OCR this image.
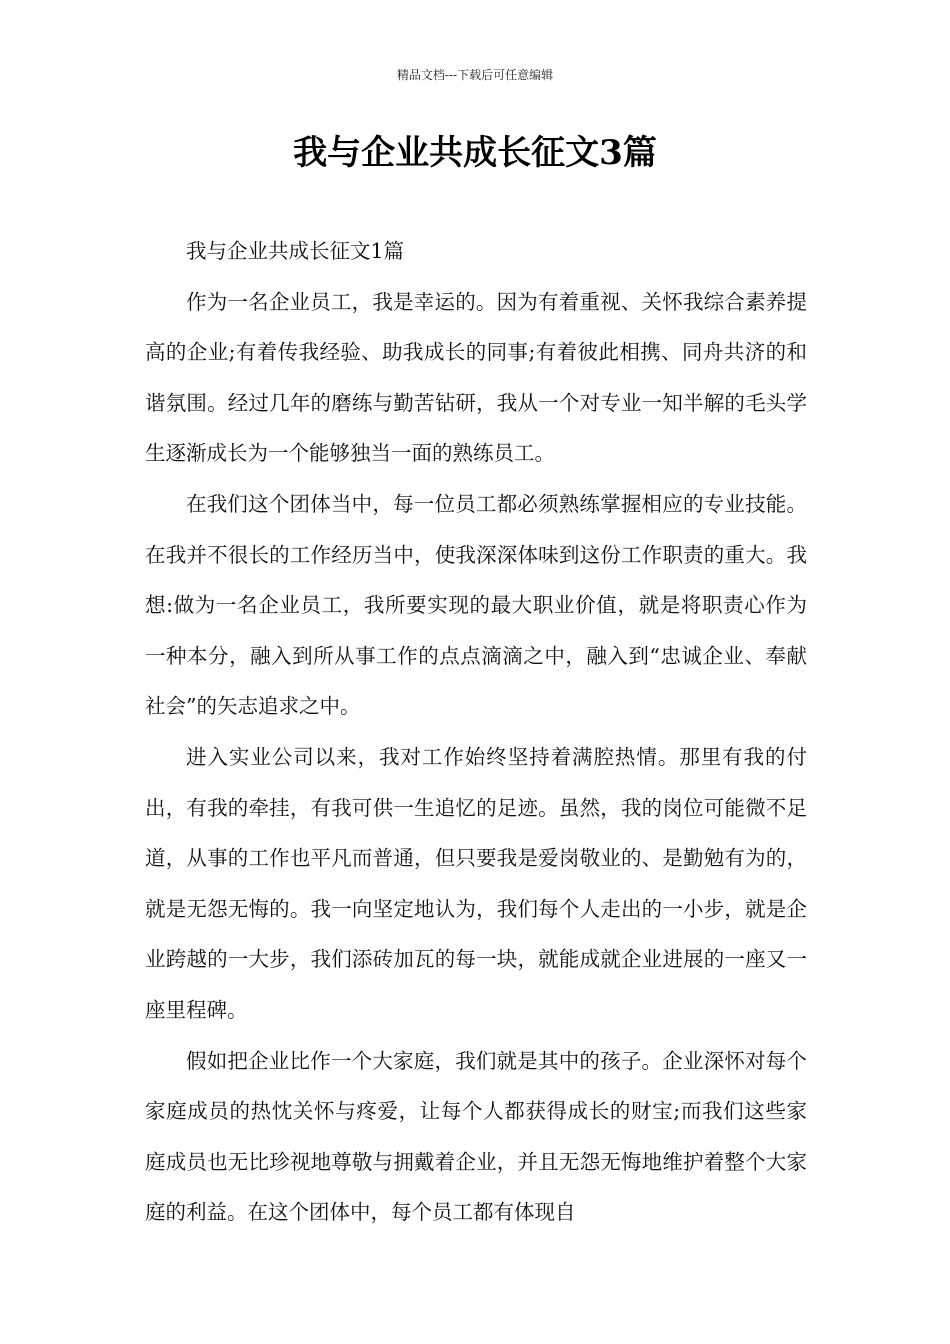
精品文档---下载后可任意编辑
我与企业共成长征文3篇

我与企业共成长征文1篇

作为一名企业员工，我是幸运的。因为有着重视、关怀我综合素养提高的企业;有着传我经验、助我成长的同事;有着彼此相携、同舟共济的和谐氛围。经过几年的磨练与勤苦钻研，我从一个对专业一知半解的毛头学生逐渐成长为一个能够独当一面的熟练员工。

在我们这个团体当中，每一位员工都必须熟练掌握相应的专业技能。在我并不很长的工作经历当中，使我深深体味到这份工作职责的重大。我想:做为一名企业员工，我所要实现的最大职业价值，就是将职责心作为一种本分，融入到所从事工作的点点滴滴之中，融入到“忠诚企业、奉献社会”的矢志追求之中。

进入实业公司以来，我对工作始终坚持着满腔热情。那里有我的付出，有我的牵挂，有我可供一生追忆的足迹。虽然，我的岗位可能微不足道，从事的工作也平凡而普通，但只要我是爱岗敬业的、是勤勉有为的，就是无怨无悔的。我一向坚定地认为，我们每个人走出的一小步，就是企业跨越的一大步，我们添砖加瓦的每一块，就能成就企业进展的一座又一座里程碑。

假如把企业比作一个大家庭，我们就是其中的孩子。企业深怀对每个家庭成员的热忱关怀与疼爱，让每个人都获得成长的财宝;而我们这些家庭成员也无比珍视地尊敬与拥戴着企业，并且无怨无悔地维护着整个大家庭的利益。在这个团体中，每个员工都有体现自
